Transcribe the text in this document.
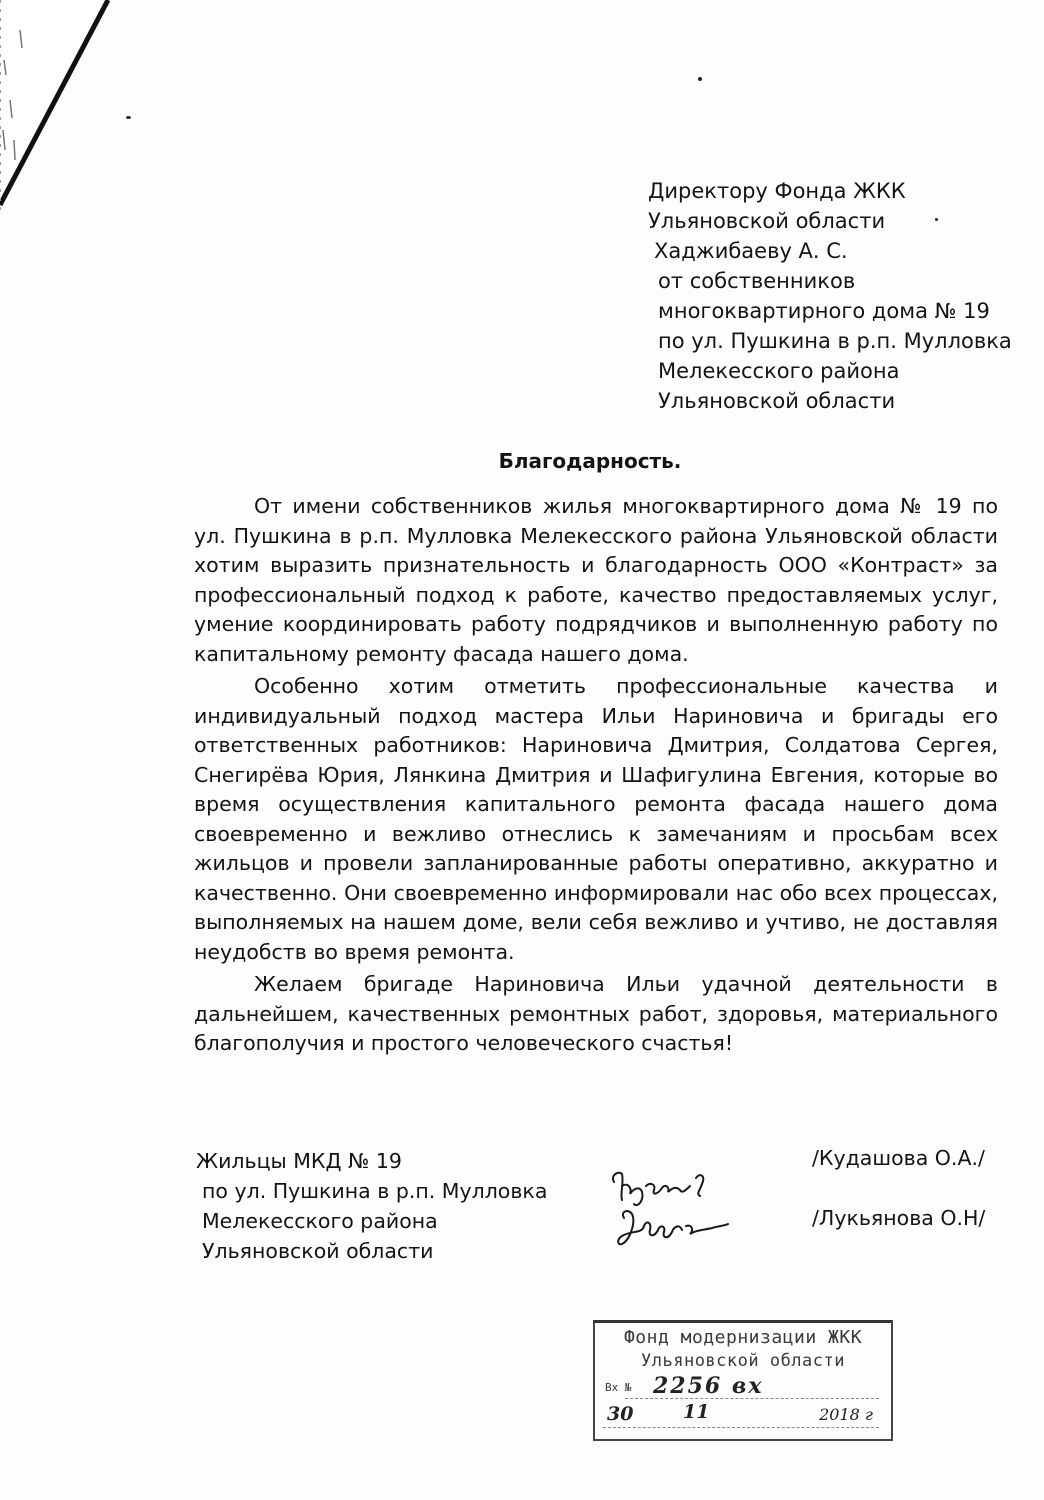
Директору Фонда ЖКК
Ульяновской области
Хаджибаеву А. С.
от собственников
многоквартирного дома № 19
по ул. Пушкина в р.п. Мулловка
Мелекесского района
Ульяновской области
Благодарность.

От имени собственников жилья многоквартирного дома № 19 по ул. Пушкина в р.п. Мулловка Мелекесского района Ульяновской области хотим выразить признательность и благодарность ООО «Контраст» за профессиональный подход к работе, качество предоставляемых услуг, умение координировать работу подрядчиков и выполненную работу по капитальному ремонту фасада нашего дома.

Особенно хотим отметить профессиональные качества и индивидуальный подход мастера Ильи Нариновича и бригады его ответственных работников: Нариновича Дмитрия, Солдатова Сергея, Снегирёва Юрия, Лянкина Дмитрия и Шафигулина Евгения, которые во время осуществления капитального ремонта фасада нашего дома своевременно и вежливо отнеслись к замечаниям и просьбам всех жильцов и провели запланированные работы оперативно, аккуратно и качественно. Они своевременно информировали нас обо всех процессах, выполняемых на нашем доме, вели себя вежливо и учтиво, не доставляя неудобств во время ремонта.

Желаем бригаде Нариновича Ильи удачной деятельности в дальнейшем, качественных ремонтных работ, здоровья, материального благополучия и простого человеческого счастья!

Жильцы МКД № 19
по ул. Пушкина в р.п. Мулловка
Мелекесского района
Ульяновской области
/Кудашова О.А./
/Лукьянова О.Н/
Фонд модернизации ЖКК
Ульяновской области
Вх № 2256 вх
30	11	2018 г
